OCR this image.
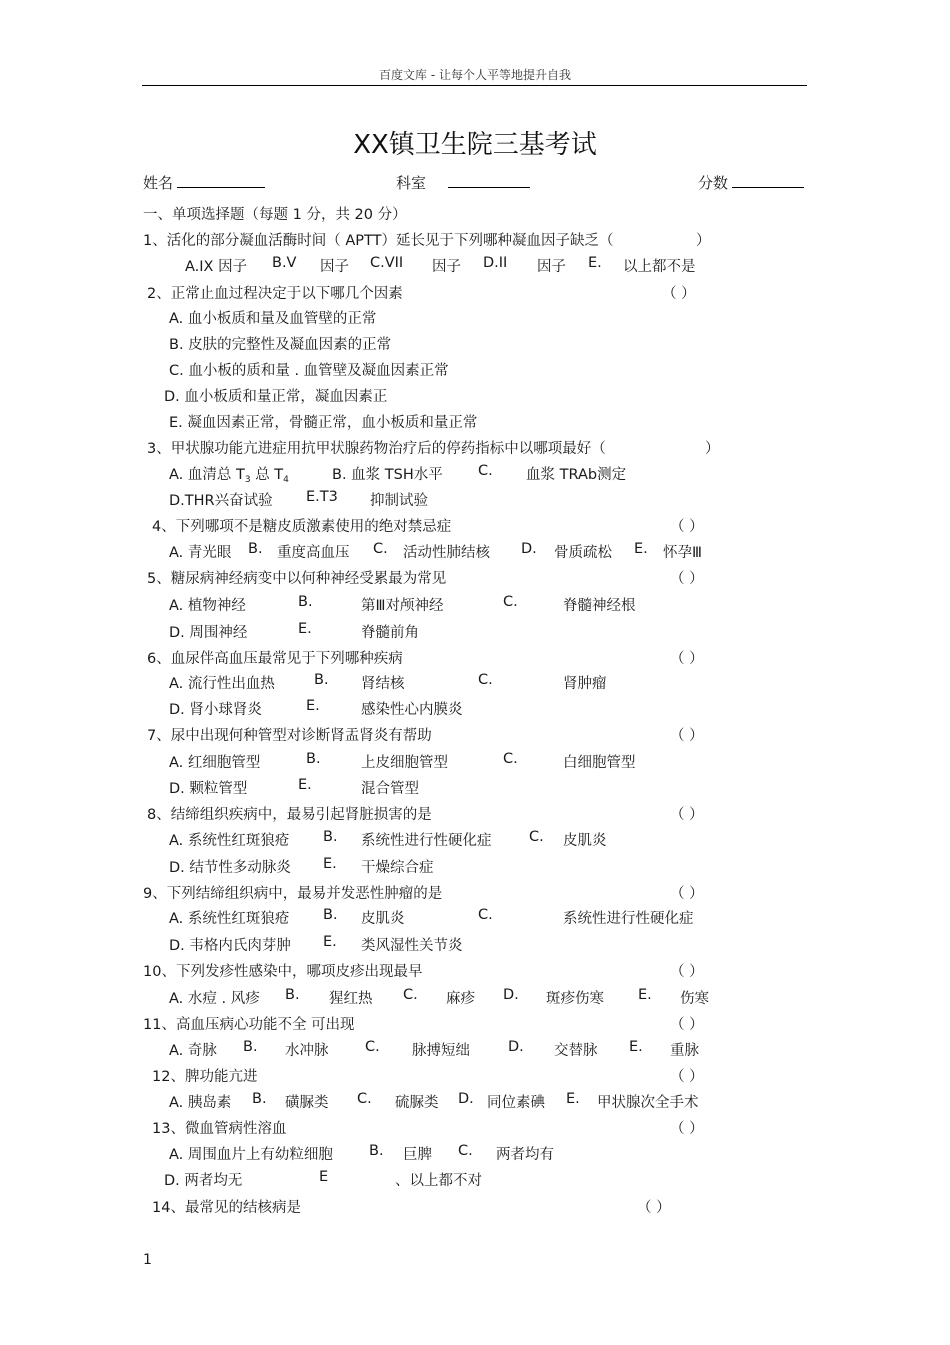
百度文库 - 让每个人平等地提升自我
XX镇卫生院三基考试
姓名	科室	分数
一、单项选择题（每题 1 分，共 20 分）
1、活化的部分凝血活酶时间（ APTT）延长见于下列哪种凝血因子缺乏（	）
A.IX 因子 B.V 因子 C.VII 因子 D.II 因子 E. 以上都不是
2、正常止血过程决定于以下哪几个因素	（ ）
A. 血小板质和量及血管壁的正常
B. 皮肤的完整性及凝血因素的正常
C. 血小板的质和量 . 血管壁及凝血因素正常
D. 血小板质和量正常，凝血因素正
E. 凝血因素正常，骨髓正常，血小板质和量正常
3、甲状腺功能亢进症用抗甲状腺药物治疗后的停药指标中以哪项最好（	）
A. 血清总 $T_3$ 总 $T_4$	B. 血浆 TSH水平 C. 血浆 TRAb测定
D.THR兴奋试验 E.T3 抑制试验
4、下列哪项不是糖皮质激素使用的绝对禁忌症	（ ）
A. 青光眼 B. 重度高血压 C. 活动性肺结核 D. 骨质疏松 E. 怀孕Ⅲ
5、糖尿病神经病变中以何种神经受累最为常见	（ ）
A. 植物神经	B.	第Ⅲ对颅神经	C.	脊髓神经根
D. 周围神经	E.	脊髓前角
6、血尿伴高血压最常见于下列哪种疾病	（ ）
A. 流行性出血热	B. 肾结核	C.	肾肿瘤
D. 肾小球肾炎	E.	感染性心内膜炎
7、尿中出现何种管型对诊断肾盂肾炎有帮助	（ ）
A. 红细胞管型	B.	上皮细胞管型	C.	白细胞管型
D. 颗粒管型	E.	混合管型
8、结缔组织疾病中，最易引起肾脏损害的是	（ ）
A. 系统性红斑狼疮 B. 系统性进行性硬化症	C. 皮肌炎
D. 结节性多动脉炎 E. 干燥综合症
9、下列结缔组织病中，最易并发恶性肿瘤的是	（ ）
A. 系统性红斑狼疮 B. 皮肌炎	C.	系统性进行性硬化症
D. 韦格内氏肉芽肿 E. 类风湿性关节炎
10、下列发疹性感染中，哪项皮疹出现最早	（ ）
A. 水痘 . 风疹 B. 猩红热 C. 麻疹 D. 斑疹伤寒 E. 伤寒
11、高血压病心功能不全 可出现	（ ）
A. 奇脉 B. 水冲脉	C. 脉搏短绌	D. 交替脉 E. 重脉
12、脾功能亢进	（ ）
A. 胰岛素 B. 磺脲类 C. 硫脲类 D. 同位素碘 E. 甲状腺次全手术
13、微血管病性溶血	（ ）
A. 周围血片上有幼粒细胞 B. 巨脾 C. 两者均有
D. 两者均无	E	、以上都不对
14、最常见的结核病是	（ ）
1
